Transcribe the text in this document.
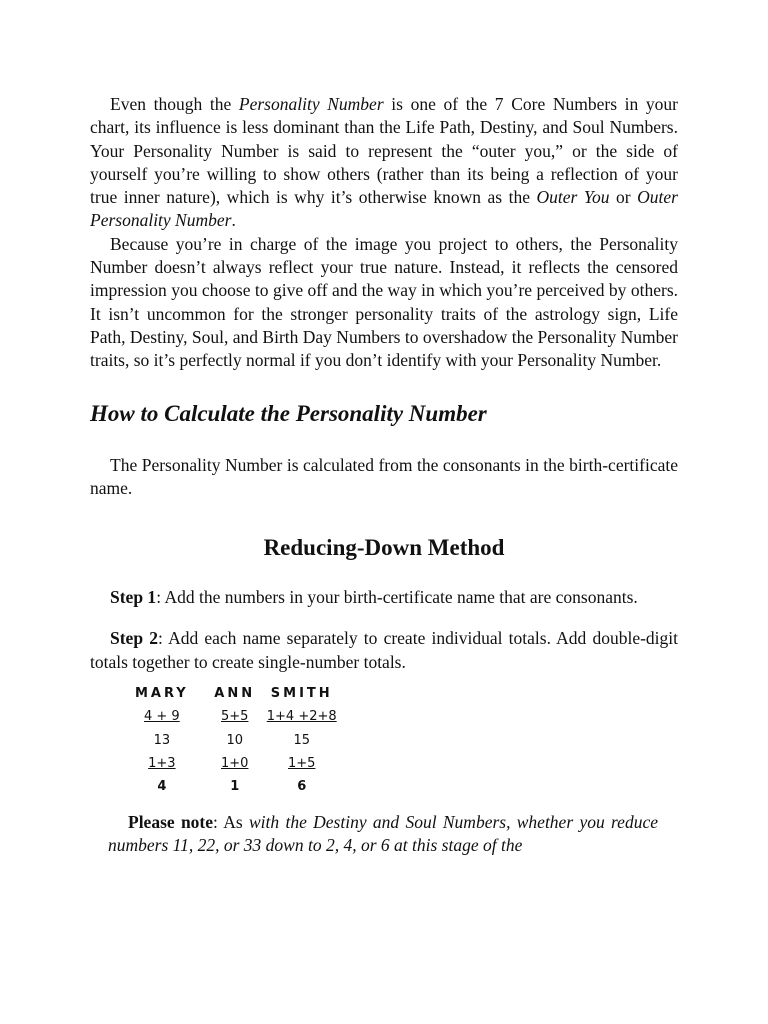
Even though the Personality Number is one of the 7 Core Numbers in your chart, its influence is less dominant than the Life Path, Destiny, and Soul Numbers. Your Personality Number is said to represent the “outer you,” or the side of yourself you’re willing to show others (rather than its being a reflection of your true inner nature), which is why it’s otherwise known as the Outer You or Outer Personality Number.

Because you’re in charge of the image you project to others, the Personality Number doesn’t always reflect your true nature. Instead, it reflects the censored impression you choose to give off and the way in which you’re perceived by others. It isn’t uncommon for the stronger personality traits of the astrology sign, Life Path, Destiny, Soul, and Birth Day Numbers to overshadow the Personality Number traits, so it’s perfectly normal if you don’t identify with your Personality Number.

How to Calculate the Personality Number

The Personality Number is calculated from the consonants in the birth-certificate name.

Reducing-Down Method

Step 1: Add the numbers in your birth-certificate name that are consonants.

Step 2: Add each name separately to create individual totals. Add double-digit totals together to create single-number totals.

MARY	ANN	SMITH
4 + 9	5+5	1+4 +2+8
13	10	15
1+3	1+0	1+5
4	1	6

Please note: As with the Destiny and Soul Numbers, whether you reduce numbers 11, 22, or 33 down to 2, 4, or 6 at this stage of the
